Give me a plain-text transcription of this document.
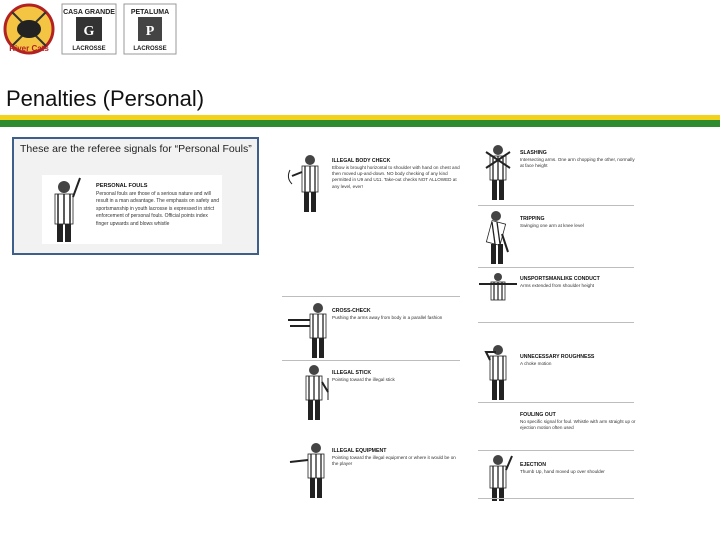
River Cats
CASA GRANDE
G
LACROSSE
PETALUMA
P
LACROSSE
Penalties (Personal)
These are the referee signals for “Personal Fouls”
PERSONAL FOULS
Personal fouls are those of a serious nature and will result in a man advantage. The emphasis on safety and sportsmanship in youth lacrosse is expressed in strict enforcement of personal fouls. Official points index finger upwards and blows whistle
ILLEGAL BODY CHECK
Elbow is brought horizontal to shoulder with hand on chest and then moved up-and-down. NO body checking of any kind permitted in U9 and U11. Take-out checks NOT ALLOWED at any level, ever!
CROSS-CHECK
Pushing the arms away from body in a parallel fashion
ILLEGAL STICK
Pointing toward the illegal stick
ILLEGAL EQUIPMENT
Pointing toward the illegal equipment or where it would be on the player
SLASHING
Intersecting arms. One arm chopping the other, normally at face height
TRIPPING
Swinging one arm at knee level
UNSPORTSMANLIKE CONDUCT
Arms extended from shoulder height
UNNECESSARY ROUGHNESS
A choke motion
FOULING OUT
No specific signal for foul. Whistle with arm straight up or ejection motion often used
EJECTION
Thumb Up, hand moved up over shoulder
